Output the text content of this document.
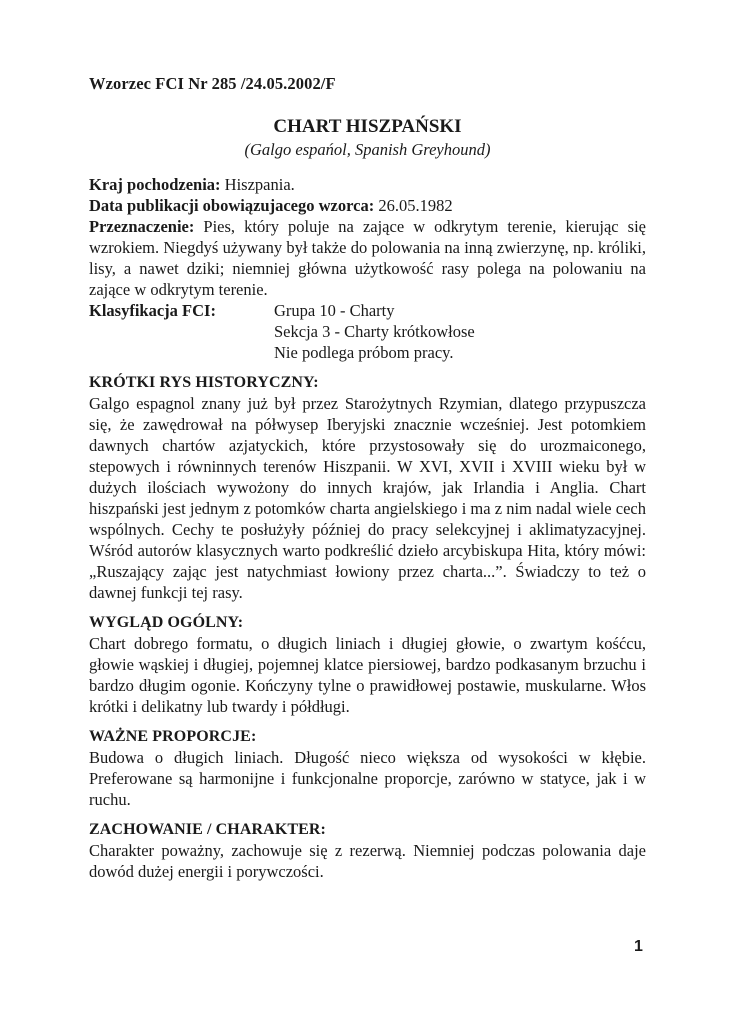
Wzorzec FCI Nr 285 /24.05.2002/F
CHART HISZPAŃSKI
(Galgo espańol, Spanish Greyhound)

Kraj pochodzenia: Hiszpania.

Data publikacji obowiązujacego wzorca: 26.05.1982

Przeznaczenie: Pies, który poluje na zające w odkrytym terenie, kierując się wzrokiem. Niegdyś używany był także do polowania na inną zwierzynę, np. króliki, lisy, a nawet dziki; niemniej główna użytkowość rasy polega na polowaniu na zające w odkrytym terenie.

Klasyfikacja FCI:	Grupa 10 - Charty
Sekcja 3 - Charty krótkowłose
Nie podlega próbom pracy.
KRÓTKI RYS HISTORYCZNY:

Galgo espagnol znany już był przez Starożytnych Rzymian, dlatego przypuszcza się, że zawędrował na półwysep Iberyjski znacznie wcześniej. Jest potomkiem dawnych chartów azjatyckich, które przystosowały się do urozmaiconego, stepowych i równinnych terenów Hiszpanii. W XVI, XVII i XVIII wieku był w dużych ilościach wywożony do innych krajów, jak Irlandia i Anglia. Chart hiszpański jest jednym z potomków charta angielskiego i ma z nim nadal wiele cech wspólnych. Cechy te posłużyły później do pracy selekcyjnej i aklimatyzacyjnej. Wśród autorów klasycznych warto podkreślić dzieło arcybiskupa Hita, który mówi: „Ruszający zając jest natychmiast łowiony przez charta...”. Świadczy to też o dawnej funkcji tej rasy.

WYGLĄD OGÓLNY:

Chart dobrego formatu, o długich liniach i długiej głowie, o zwartym kośćcu, głowie wąskiej i długiej, pojemnej klatce piersiowej, bardzo podkasanym brzuchu i bardzo długim ogonie. Kończyny tylne o prawidłowej postawie, muskularne. Włos krótki i delikatny lub twardy i półdługi.

WAŻNE PROPORCJE:

Budowa o długich liniach. Długość nieco większa od wysokości w kłębie. Preferowane są harmonijne i funkcjonalne proporcje, zarówno w statyce, jak i w ruchu.

ZACHOWANIE / CHARAKTER:

Charakter poważny, zachowuje się z rezerwą. Niemniej podczas polowania daje dowód dużej energii i porywczości.

1
